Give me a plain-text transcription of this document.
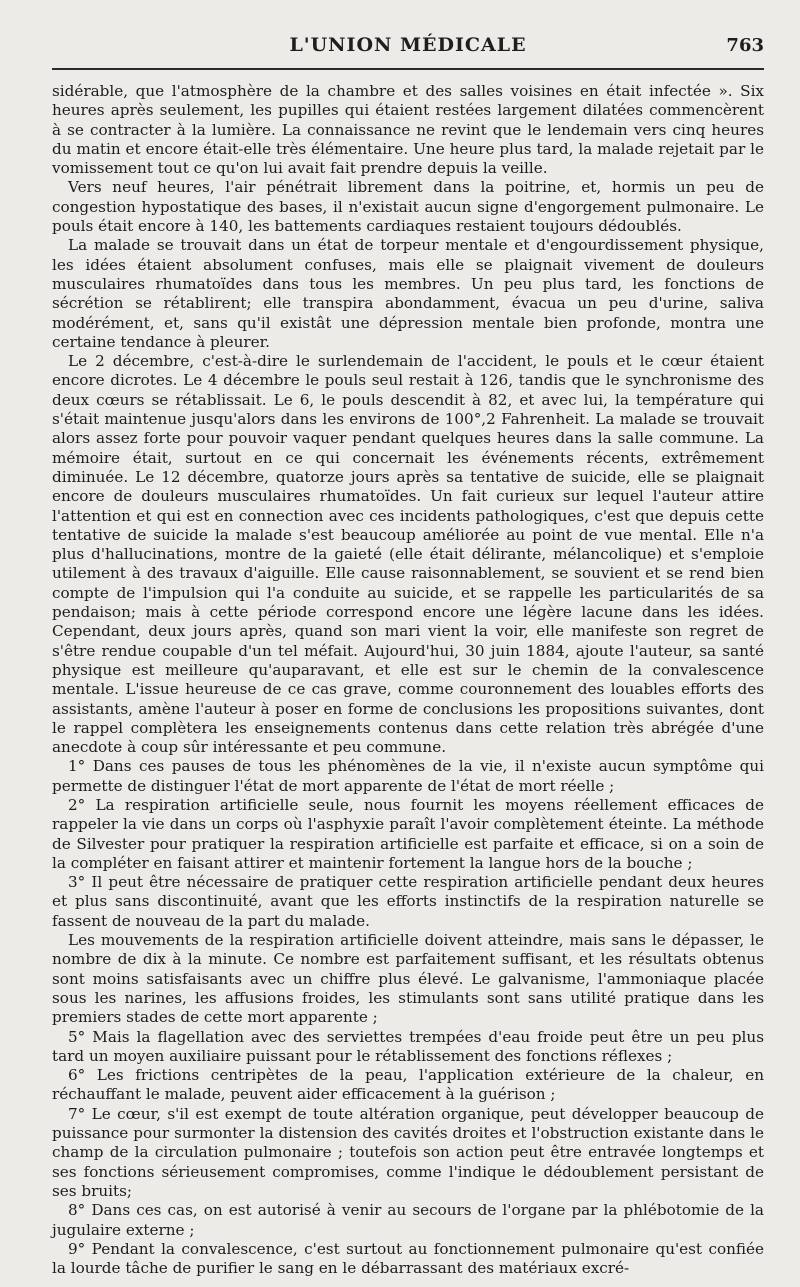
L'UNION MÉDICALE	763

sidérable, que l'atmosphère de la chambre et des salles voisines en était infectée ». Six heures après seulement, les pupilles qui étaient restées largement dilatées commencèrent à se contracter à la lumière. La connaissance ne revint que le lendemain vers cinq heures du matin et encore était-elle très élémentaire. Une heure plus tard, la malade rejetait par le vomissement tout ce qu'on lui avait fait prendre depuis la veille.

Vers neuf heures, l'air pénétrait librement dans la poitrine, et, hormis un peu de congestion hypostatique des bases, il n'existait aucun signe d'engorgement pulmonaire. Le pouls était encore à 140, les battements cardiaques restaient toujours dédoublés.

La malade se trouvait dans un état de torpeur mentale et d'engourdissement physique, les idées étaient absolument confuses, mais elle se plaignait vivement de douleurs musculaires rhumatoïdes dans tous les membres. Un peu plus tard, les fonctions de sécrétion se rétablirent; elle transpira abondamment, évacua un peu d'urine, saliva modérément, et, sans qu'il existât une dépression mentale bien profonde, montra une certaine tendance à pleurer.

Le 2 décembre, c'est-à-dire le surlendemain de l'accident, le pouls et le cœur étaient encore dicrotes. Le 4 décembre le pouls seul restait à 126, tandis que le synchronisme des deux cœurs se rétablissait. Le 6, le pouls descendit à 82, et avec lui, la température qui s'était maintenue jusqu'alors dans les environs de 100°,2 Fahrenheit. La malade se trouvait alors assez forte pour pouvoir vaquer pendant quelques heures dans la salle commune. La mémoire était, surtout en ce qui concernait les événements récents, extrêmement diminuée. Le 12 décembre, quatorze jours après sa tentative de suicide, elle se plaignait encore de douleurs musculaires rhumatoïdes. Un fait curieux sur lequel l'auteur attire l'attention et qui est en connection avec ces incidents pathologiques, c'est que depuis cette tentative de suicide la malade s'est beaucoup améliorée au point de vue mental. Elle n'a plus d'hallucinations, montre de la gaieté (elle était délirante, mélancolique) et s'emploie utilement à des travaux d'aiguille. Elle cause raisonnablement, se souvient et se rend bien compte de l'impulsion qui l'a conduite au suicide, et se rappelle les particularités de sa pendaison; mais à cette période correspond encore une légère lacune dans les idées. Cependant, deux jours après, quand son mari vient la voir, elle manifeste son regret de s'être rendue coupable d'un tel méfait. Aujourd'hui, 30 juin 1884, ajoute l'auteur, sa santé physique est meilleure qu'auparavant, et elle est sur le chemin de la convalescence mentale. L'issue heureuse de ce cas grave, comme couronnement des louables efforts des assistants, amène l'auteur à poser en forme de conclusions les propositions suivantes, dont le rappel complètera les enseignements contenus dans cette relation très abrégée d'une anecdote à coup sûr intéressante et peu commune.

1° Dans ces pauses de tous les phénomènes de la vie, il n'existe aucun symptôme qui permette de distinguer l'état de mort apparente de l'état de mort réelle ;

2° La respiration artificielle seule, nous fournit les moyens réellement efficaces de rappeler la vie dans un corps où l'asphyxie paraît l'avoir complètement éteinte. La méthode de Silvester pour pratiquer la respiration artificielle est parfaite et efficace, si on a soin de la compléter en faisant attirer et maintenir fortement la langue hors de la bouche ;

3° Il peut être nécessaire de pratiquer cette respiration artificielle pendant deux heures et plus sans discontinuité, avant que les efforts instinctifs de la respiration naturelle se fassent de nouveau de la part du malade.

Les mouvements de la respiration artificielle doivent atteindre, mais sans le dépasser, le nombre de dix à la minute. Ce nombre est parfaitement suffisant, et les résultats obtenus sont moins satisfaisants avec un chiffre plus élevé. Le galvanisme, l'ammoniaque placée sous les narines, les affusions froides, les stimulants sont sans utilité pratique dans les premiers stades de cette mort apparente ;

5° Mais la flagellation avec des serviettes trempées d'eau froide peut être un peu plus tard un moyen auxiliaire puissant pour le rétablissement des fonctions réflexes ;

6° Les frictions centripètes de la peau, l'application extérieure de la chaleur, en réchauffant le malade, peuvent aider efficacement à la guérison ;

7° Le cœur, s'il est exempt de toute altération organique, peut développer beaucoup de puissance pour surmonter la distension des cavités droites et l'obstruction existante dans le champ de la circulation pulmonaire ; toutefois son action peut être entravée longtemps et ses fonctions sérieusement compromises, comme l'indique le dédoublement persistant de ses bruits;

8° Dans ces cas, on est autorisé à venir au secours de l'organe par la phlébotomie de la jugulaire externe ;

9° Pendant la convalescence, c'est surtout au fonctionnement pulmonaire qu'est confiée la lourde tâche de purifier le sang en le débarrassant des matériaux excré-
